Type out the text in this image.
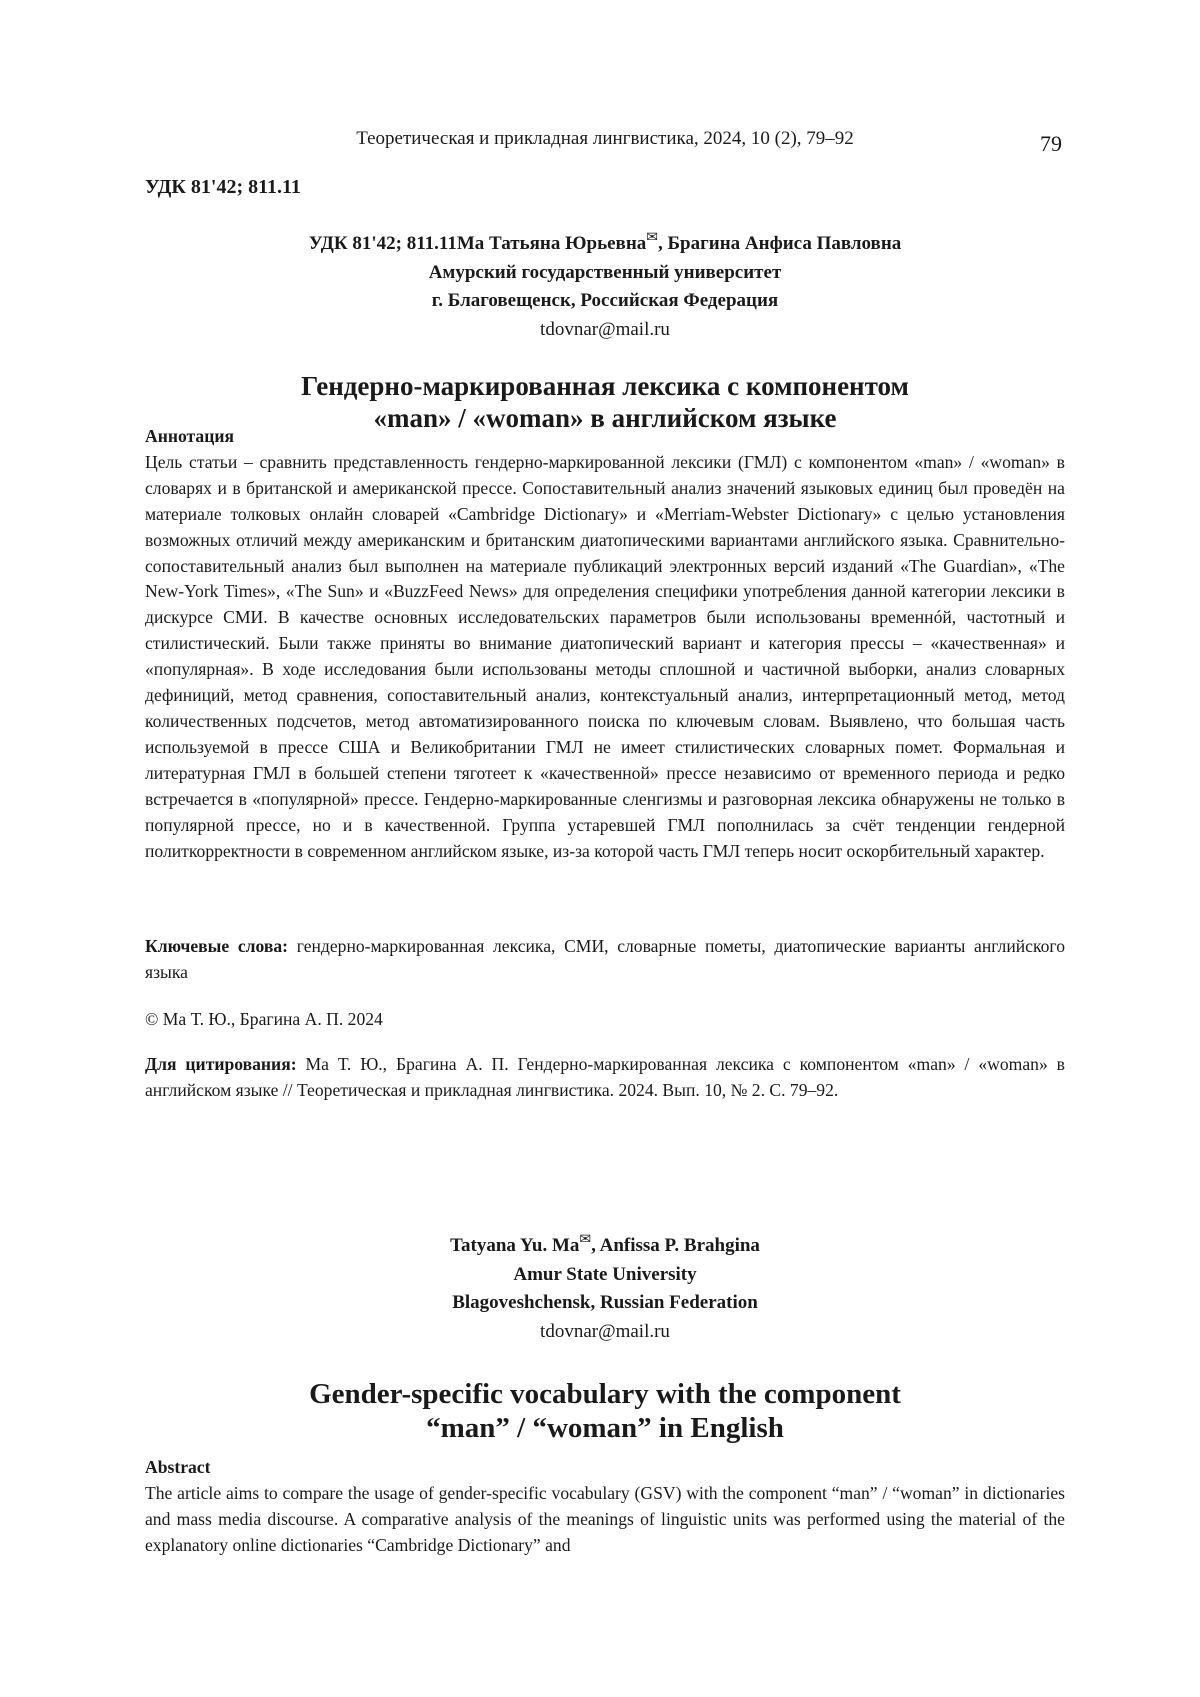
Теоретическая и прикладная лингвистика, 2024, 10 (2), 79–92	79
УДК 81'42; 811.11
УДК 81'42; 811.11Ма Татьяна Юрьевна✉, Брагина Анфиса Павловна
Амурский государственный университет
г. Благовещенск, Российская Федерация
tdovnar@mail.ru
Гендерно-маркированная лексика с компонентом
«man» / «woman» в английском языке
Аннотация
Цель статьи – сравнить представленность гендерно-маркированной лексики (ГМЛ) с компонентом «man» / «woman» в словарях и в британской и американской прессе. Сопоставительный анализ значений языковых единиц был проведён на материале толковых онлайн словарей «Cambridge Dictionary» и «Merriam-Webster Dictionary» с целью установления возможных отличий между американским и британским диатопическими вариантами английского языка. Сравнительно-сопоставительный анализ был выполнен на материале публикаций электронных версий изданий «The Guardian», «The New-York Times», «The Sun» и «BuzzFeed News» для определения специфики употребления данной категории лексики в дискурсе СМИ. В качестве основных исследовательских параметров были использованы временнóй, частотный и стилистический. Были также приняты во внимание диатопический вариант и категория прессы – «качественная» и «популярная». В ходе исследования были использованы методы сплошной и частичной выборки, анализ словарных дефиниций, метод сравнения, сопоставительный анализ, контекстуальный анализ, интерпретационный метод, метод количественных подсчетов, метод автоматизированного поиска по ключевым словам. Выявлено, что большая часть используемой в прессе США и Великобритании ГМЛ не имеет стилистических словарных помет. Формальная и литературная ГМЛ в большей степени тяготеет к «качественной» прессе независимо от временного периода и редко встречается в «популярной» прессе. Гендерно-маркированные сленгизмы и разговорная лексика обнаружены не только в популярной прессе, но и в качественной. Группа устаревшей ГМЛ пополнилась за счёт тенденции гендерной политкорректности в современном английском языке, из-за которой часть ГМЛ теперь носит оскорбительный характер.
Ключевые слова: гендерно-маркированная лексика, СМИ, словарные пометы, диатопические варианты английского языка
© Ма Т. Ю., Брагина А. П. 2024
Для цитирования: Ма Т. Ю., Брагина А. П. Гендерно-маркированная лексика с компонентом «man» / «woman» в английском языке // Теоретическая и прикладная лингвистика. 2024. Вып. 10, № 2. С. 79–92.
Tatyana Yu. Ma✉, Anfissa P. Brahgina
Amur State University
Blagoveshchensk, Russian Federation
tdovnar@mail.ru
Gender-specific vocabulary with the component
“man” / “woman” in English
Abstract
The article aims to compare the usage of gender-specific vocabulary (GSV) with the component “man” / “woman” in dictionaries and mass media discourse. A comparative analysis of the meanings of linguistic units was performed using the material of the explanatory online dictionaries “Cambridge Dictionary” and
